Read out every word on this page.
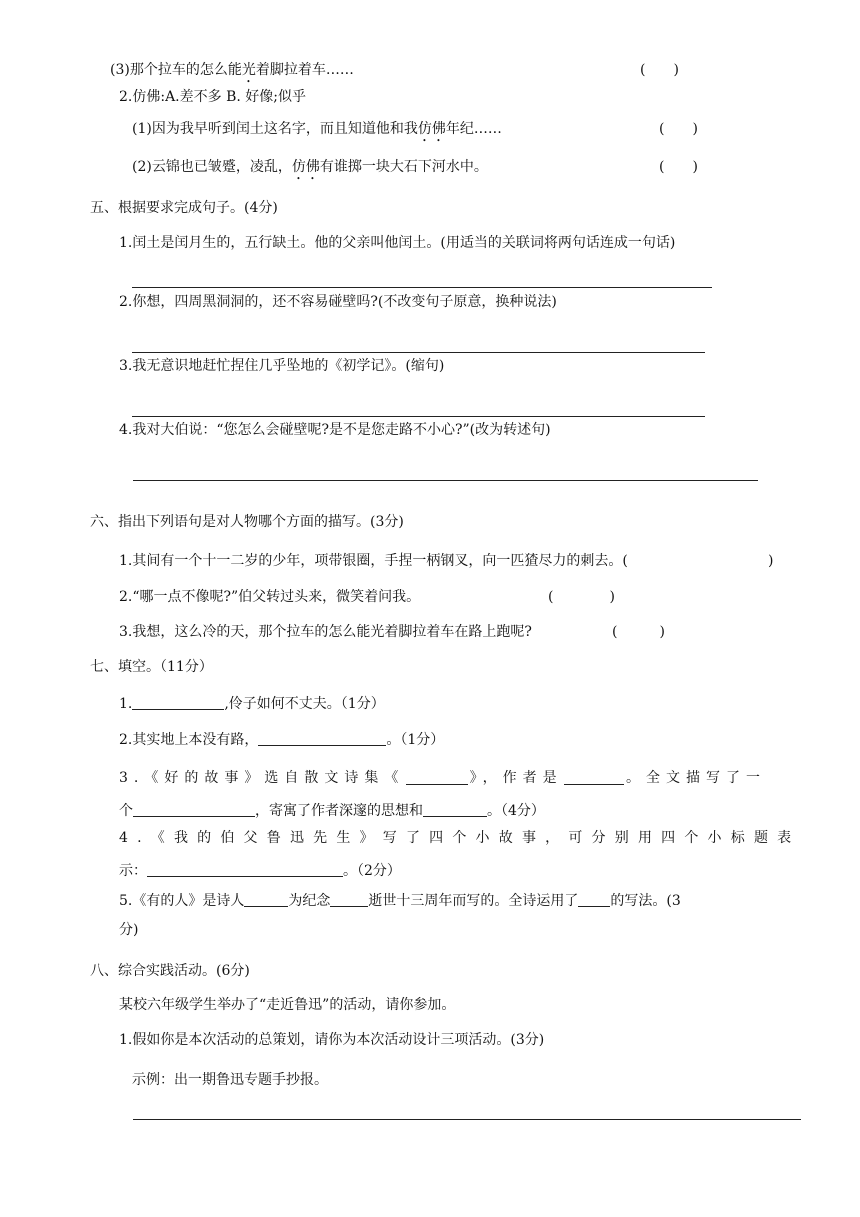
(3)那个拉车的怎么能光着脚拉着车……	(　　)
2.仿佛:A.差不多 B. 好像;似乎
(1)因为我早听到闰土这名字，而且知道他和我仿佛年纪……	(　　)
(2)云锦也已皱蹙，凌乱，仿佛有谁掷一块大石下河水中。	(　　)
五、根据要求完成句子。(4分)
1.闰土是闰月生的，五行缺土。他的父亲叫他闰土。(用适当的关联词将两句话连成一句话)
2.你想，四周黑洞洞的，还不容易碰壁吗?(不改变句子原意，换种说法)
3.我无意识地赶忙捏住几乎坠地的《初学记》。(缩句)
4.我对大伯说：“您怎么会碰壁呢?是不是您走路不小心?”(改为转述句)
六、指出下列语句是对人物哪个方面的描写。(3分)
1.其间有一个十一二岁的少年，项带银圈，手捏一柄钢叉，向一匹猹尽力的刺去。(	)
2.“哪一点不像呢?”伯父转过头来，微笑着问我。	(　　　　)
3.我想，这么冷的天，那个拉车的怎么能光着脚拉着车在路上跑呢?	(　　　)
七、填空。（11分）
1.	,伶子如何不丈夫。（1分）
2.其实地上本没有路，	。（1分）
3.《好的故事》选自散文诗集《	》，作者是	。全文描写了一
个	，寄寓了作者深邃的思想和	。（4分）
4.《我的伯父鲁迅先生》写了四个小故事，可分别用四个小标题表
示：	。（2分）
5.《有的人》是诗人	为纪念	逝世十三周年而写的。全诗运用了 的写法。(3
分)
八、综合实践活动。(6分)
某校六年级学生举办了“走近鲁迅”的活动，请你参加。
1.假如你是本次活动的总策划，请你为本次活动设计三项活动。(3分)
示例：出一期鲁迅专题手抄报。
